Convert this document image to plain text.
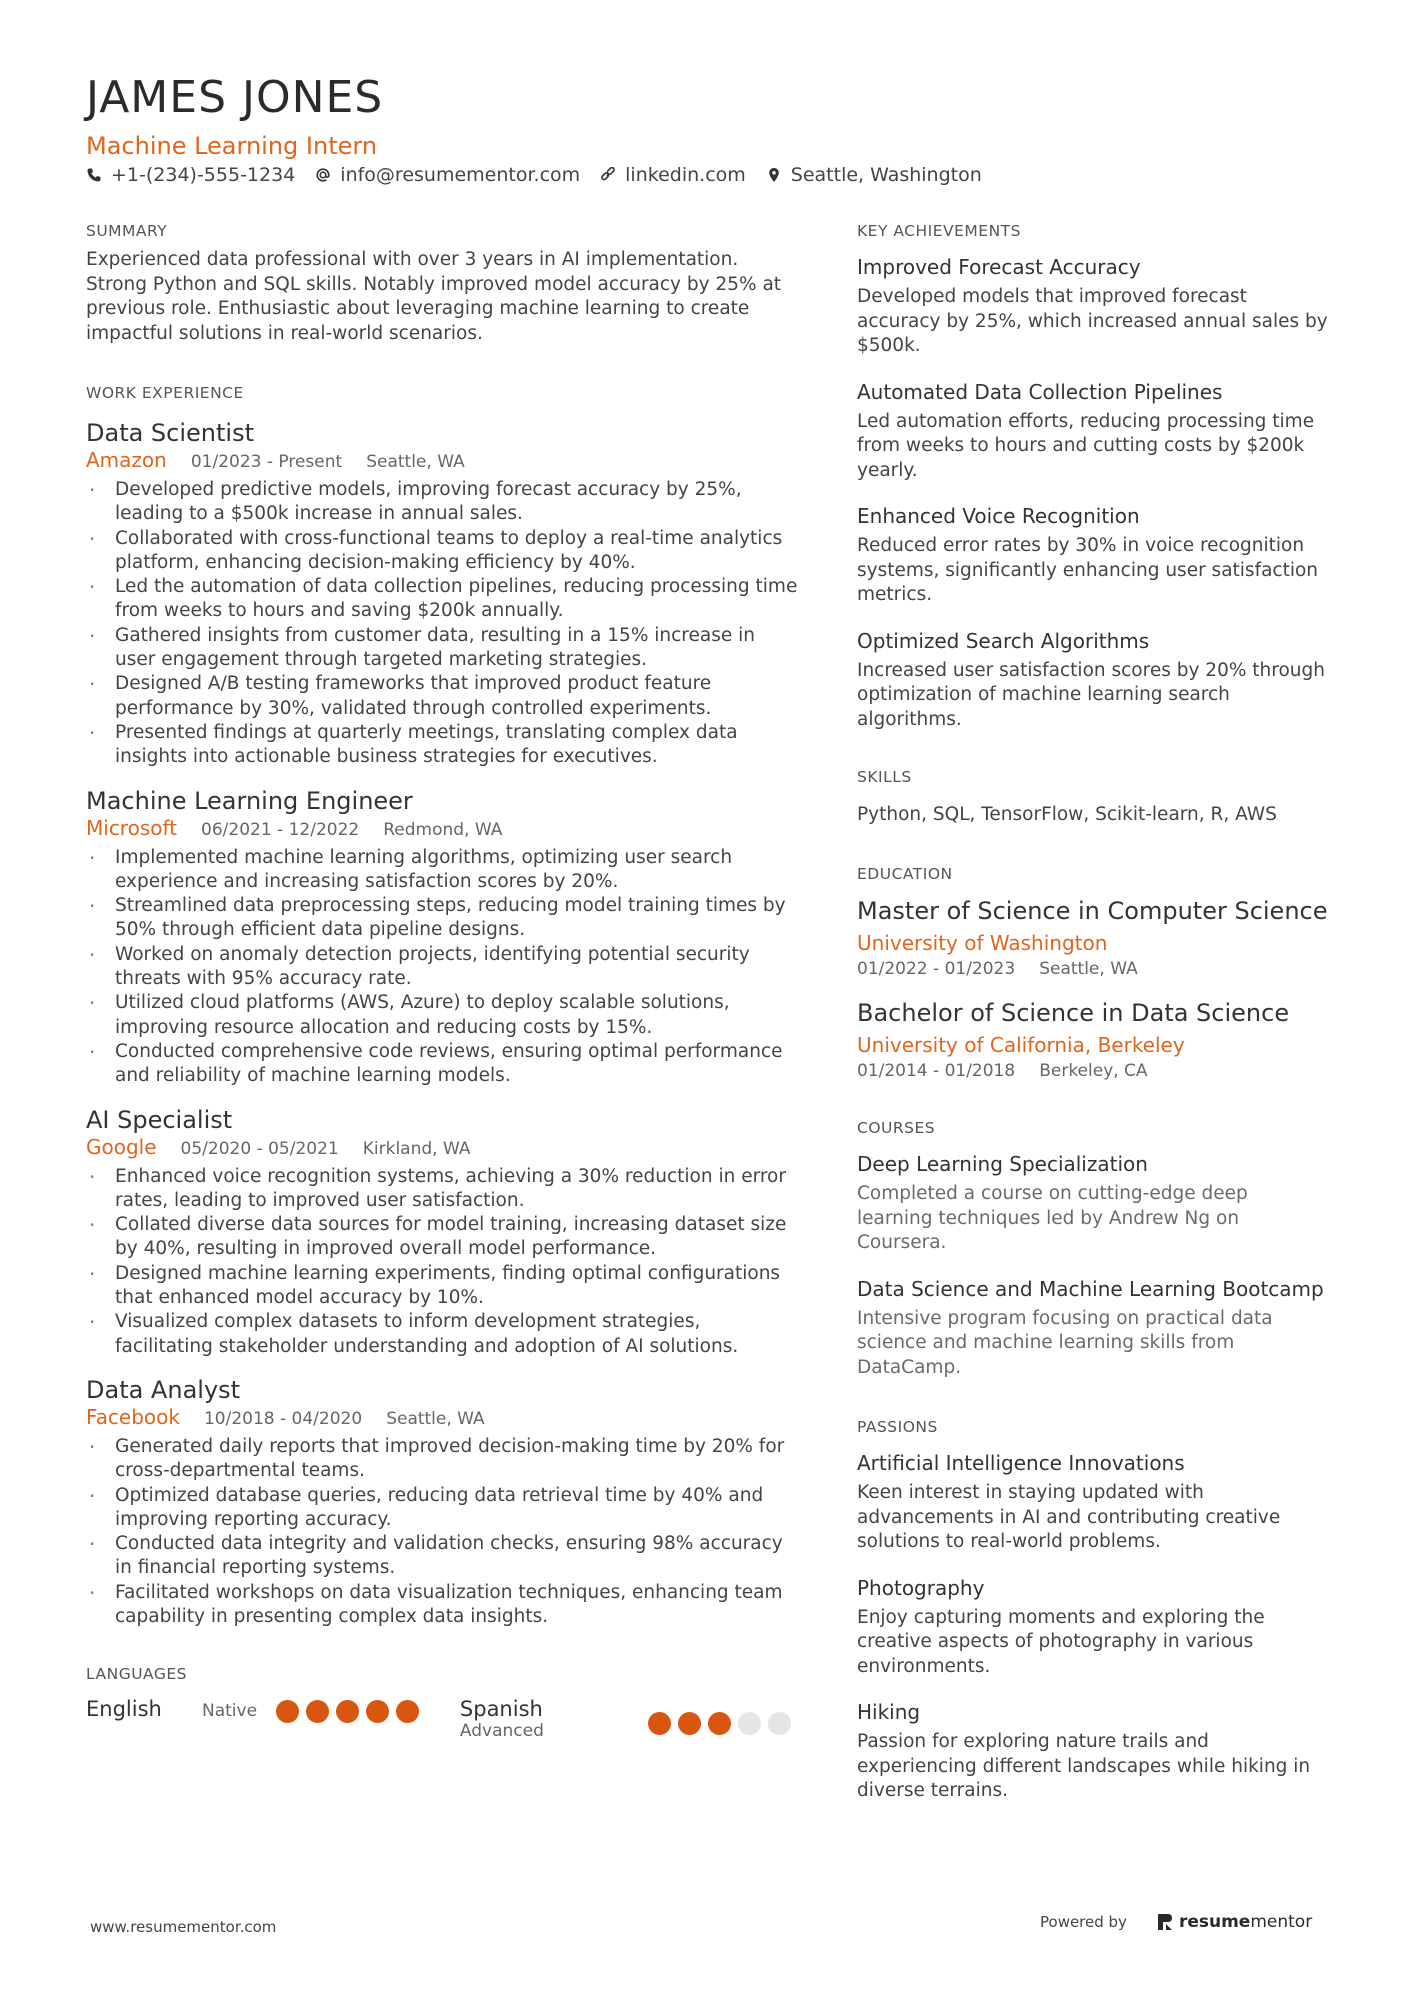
JAMES JONES
Machine Learning Intern
+1-(234)-555-1234 info@resumementor.com linkedin.com Seattle, Washington
SUMMARY
Experienced data professional with over 3 years in AI implementation. Strong Python and SQL skills. Notably improved model accuracy by 25% at previous role. Enthusiastic about leveraging machine learning to create impactful solutions in real-world scenarios.
WORK EXPERIENCE
Data Scientist
Amazon 01/2023 - Present Seattle, WA
· Developed predictive models, improving forecast accuracy by 25%, leading to a $500k increase in annual sales.
· Collaborated with cross-functional teams to deploy a real-time analytics platform, enhancing decision-making efficiency by 40%.
· Led the automation of data collection pipelines, reducing processing time from weeks to hours and saving $200k annually.
· Gathered insights from customer data, resulting in a 15% increase in user engagement through targeted marketing strategies.
· Designed A/B testing frameworks that improved product feature performance by 30%, validated through controlled experiments.
· Presented findings at quarterly meetings, translating complex data insights into actionable business strategies for executives.
Machine Learning Engineer
Microsoft 06/2021 - 12/2022 Redmond, WA
· Implemented machine learning algorithms, optimizing user search experience and increasing satisfaction scores by 20%.
· Streamlined data preprocessing steps, reducing model training times by 50% through efficient data pipeline designs.
· Worked on anomaly detection projects, identifying potential security threats with 95% accuracy rate.
· Utilized cloud platforms (AWS, Azure) to deploy scalable solutions, improving resource allocation and reducing costs by 15%.
· Conducted comprehensive code reviews, ensuring optimal performance and reliability of machine learning models.
AI Specialist
Google 05/2020 - 05/2021 Kirkland, WA
· Enhanced voice recognition systems, achieving a 30% reduction in error rates, leading to improved user satisfaction.
· Collated diverse data sources for model training, increasing dataset size by 40%, resulting in improved overall model performance.
· Designed machine learning experiments, finding optimal configurations that enhanced model accuracy by 10%.
· Visualized complex datasets to inform development strategies, facilitating stakeholder understanding and adoption of AI solutions.
Data Analyst
Facebook 10/2018 - 04/2020 Seattle, WA
· Generated daily reports that improved decision-making time by 20% for cross-departmental teams.
· Optimized database queries, reducing data retrieval time by 40% and improving reporting accuracy.
· Conducted data integrity and validation checks, ensuring 98% accuracy in financial reporting systems.
· Facilitated workshops on data visualization techniques, enhancing team capability in presenting complex data insights.
LANGUAGES
English	Native	Spanish
Advanced
KEY ACHIEVEMENTS
Improved Forecast Accuracy
Developed models that improved forecast accuracy by 25%, which increased annual sales by $500k.
Automated Data Collection Pipelines
Led automation efforts, reducing processing time from weeks to hours and cutting costs by $200k yearly.
Enhanced Voice Recognition
Reduced error rates by 30% in voice recognition systems, significantly enhancing user satisfaction metrics.
Optimized Search Algorithms
Increased user satisfaction scores by 20% through optimization of machine learning search algorithms.
SKILLS
Python, SQL, TensorFlow, Scikit-learn, R, AWS
EDUCATION
Master of Science in Computer Science
University of Washington
01/2022 - 01/2023 Seattle, WA
Bachelor of Science in Data Science
University of California, Berkeley
01/2014 - 01/2018 Berkeley, CA
COURSES
Deep Learning Specialization
Completed a course on cutting-edge deep learning techniques led by Andrew Ng on Coursera.
Data Science and Machine Learning Bootcamp
Intensive program focusing on practical data science and machine learning skills from DataCamp.
PASSIONS
Artificial Intelligence Innovations
Keen interest in staying updated with advancements in AI and contributing creative solutions to real-world problems.
Photography
Enjoy capturing moments and exploring the creative aspects of photography in various environments.
Hiking
Passion for exploring nature trails and experiencing different landscapes while hiking in diverse terrains.
www.resumementor.com	Powered by	resume mentor
